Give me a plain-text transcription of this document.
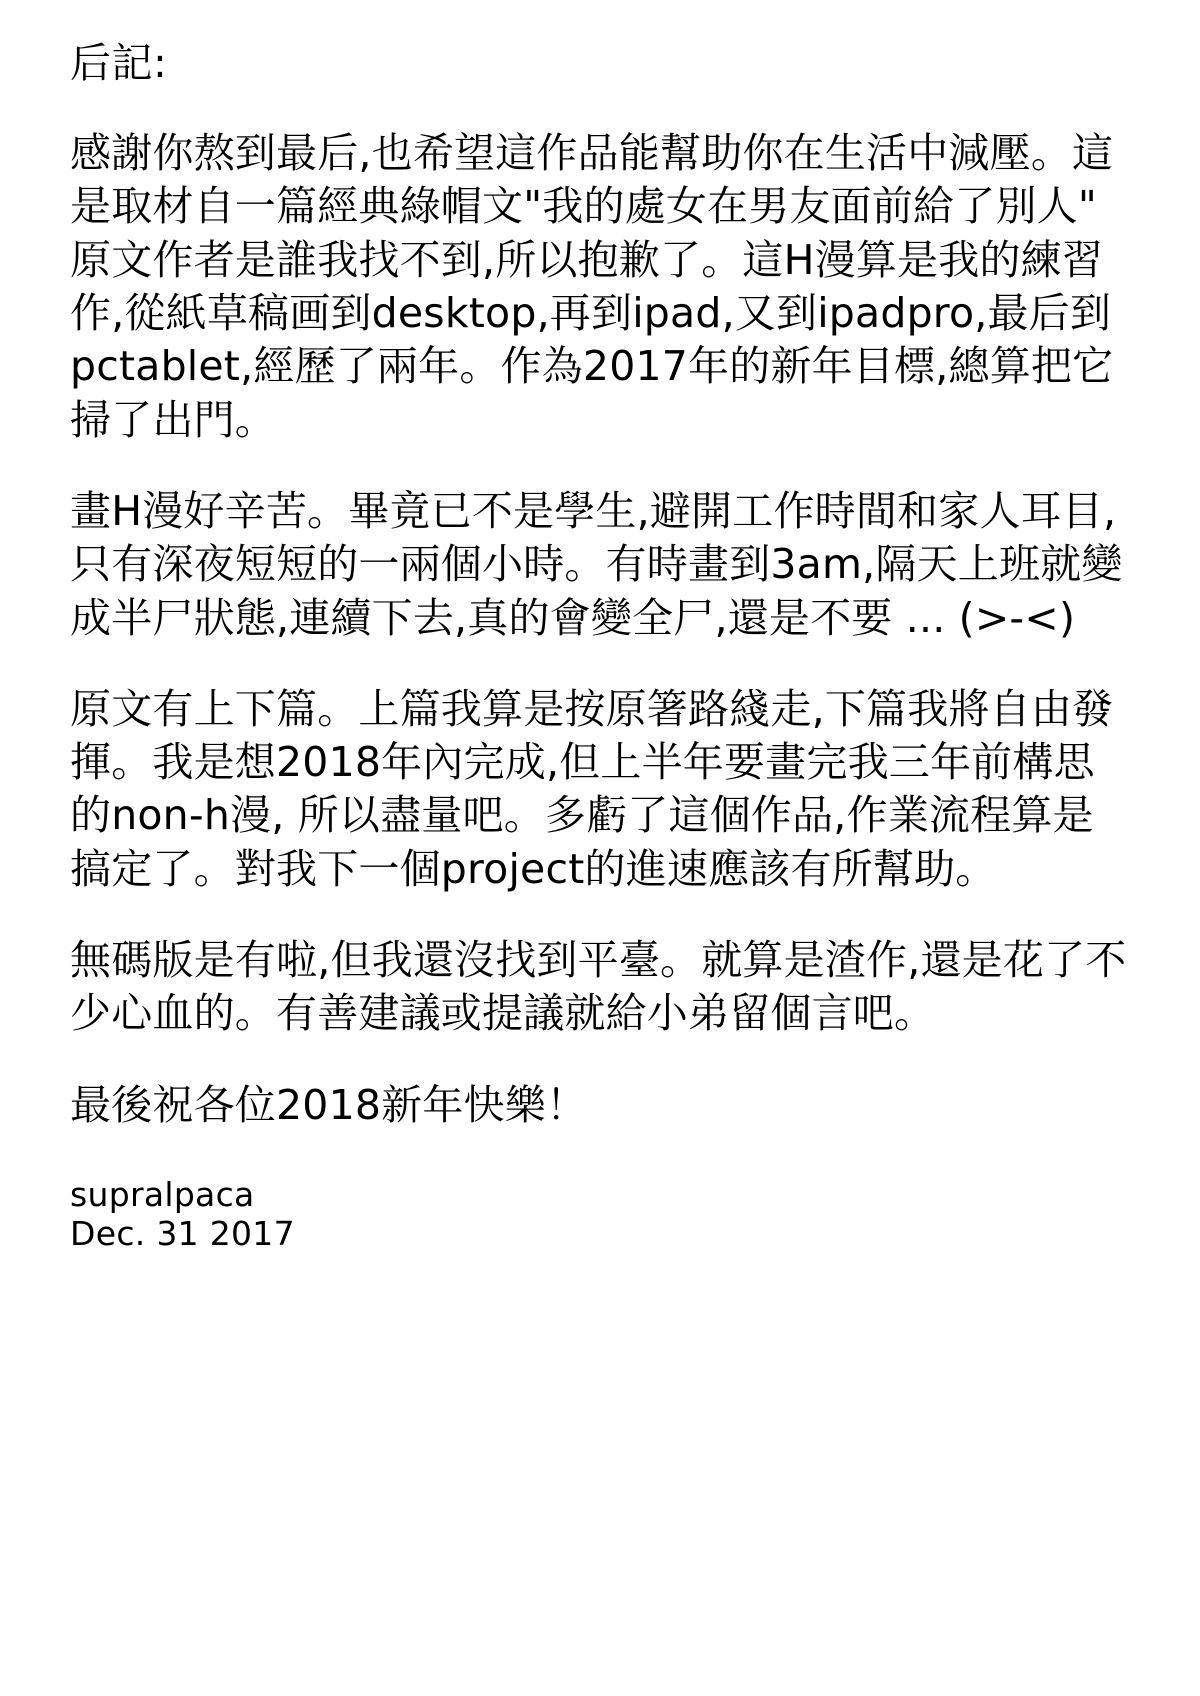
后記:
感謝你熬到最后,也希望這作品能幫助你在生活中減壓。這是取材自一篇經典綠帽文"我的處女在男友面前給了別人" 原文作者是誰我找不到,所以抱歉了。這H漫算是我的練習作,從紙草稿画到desktop,再到ipad,又到ipadpro,最后到pctablet,經歷了兩年。作為2017年的新年目標,總算把它掃了出門。
畫H漫好辛苦。畢竟已不是學生,避開工作時間和家人耳目,只有深夜短短的一兩個小時。有時畫到3am,隔天上班就變成半尸狀態,連續下去,真的會變全尸,還是不要 ... (>-<)
原文有上下篇。上篇我算是按原箸路綫走,下篇我將自由發揮。我是想2018年內完成,但上半年要畫完我三年前構思的non-h漫, 所以盡量吧。多虧了這個作品,作業流程算是搞定了。對我下一個project的進速應該有所幫助。
無碼版是有啦,但我還沒找到平臺。就算是渣作,還是花了不少心血的。有善建議或提議就給小弟留個言吧。
最後祝各位2018新年快樂！
supralpaca
Dec. 31 2017
